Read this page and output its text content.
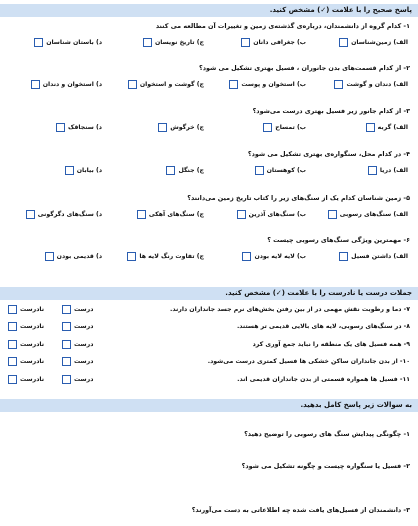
پاسخ صحیح را با علامت (✓) مشخص کنید.
۱- کدام گروه از دانشمندان، درباره‌ی گذشته‌ی زمین و تغییرات آن مطالعه می کنند
الف) زمین‌شناسان
ب) جغرافی دانان
ج) تاریخ نویسان
د) باستان شناسان
۲- از کدام قسمت‌های بدن جانوران ، فسیل بهتری تشکیل می شود؟
الف) دندان و گوشت
ب) استخوان و پوست
ج) گوشت و استخوان
د) استخوان و دندان
۳- از کدام جانور زیر فسیل بهتری درست می‌شود؟
الف) گربه
ب) تمساح
ج) خرگوش
د) سنجاقک
۴- در کدام محل، سنگواره‌ی بهتری تشکیل می شود؟
الف) دریا
ب) کوهستان
ج) جنگل
د) بیابان
۵- زمین شناسان کدام یک از سنگ‌های زیر را کتاب تاریخ زمین می‌دانند؟
الف) سنگ‌های رسوبی
ب) سنگ‌های آذرین
ج) سنگ‌های آهکی
د) سنگ‌های دگرگونی
۶- مهمترین ویژگی سنگ‌های رسوبی چیست ؟
الف) داشتن فسیل
ب) لایه لایه بودن
ج) تفاوت رنگ لایه ها
د) قدیمی بودن
جملات درست یا نادرست را با علامت (✓) مشخص کنید.
۷- دما و رطوبت نقش مهمی در از بین رفتن بخش‌های نرم جسد جانداران دارند.
درست
نادرست
۸- در سنگ‌های رسوبی، لایه های بالایی قدیمی تر هستند.
درست
نادرست
۹- همه فسیل های یک منطقه را نباید جمع آوری کرد
درست
نادرست
۱۰- از بدن جانداران ساکن خشکی ها فسیل کمتری درست می‌شود.
درست
نادرست
۱۱- فسیل ها همواره قسمتی از بدن جانداران قدیمی اند.
درست
نادرست
به سوالات زیر پاسخ کامل بدهید.
۱- چگونگی پیدایش سنگ های رسوبی را توضیح دهید؟
۲- فسیل یا سنگواره چیست و چگونه تشکیل می شود؟
۳- دانشمندان از فسیل‌های یافت شده چه اطلاعاتی به دست می‌آورند؟
